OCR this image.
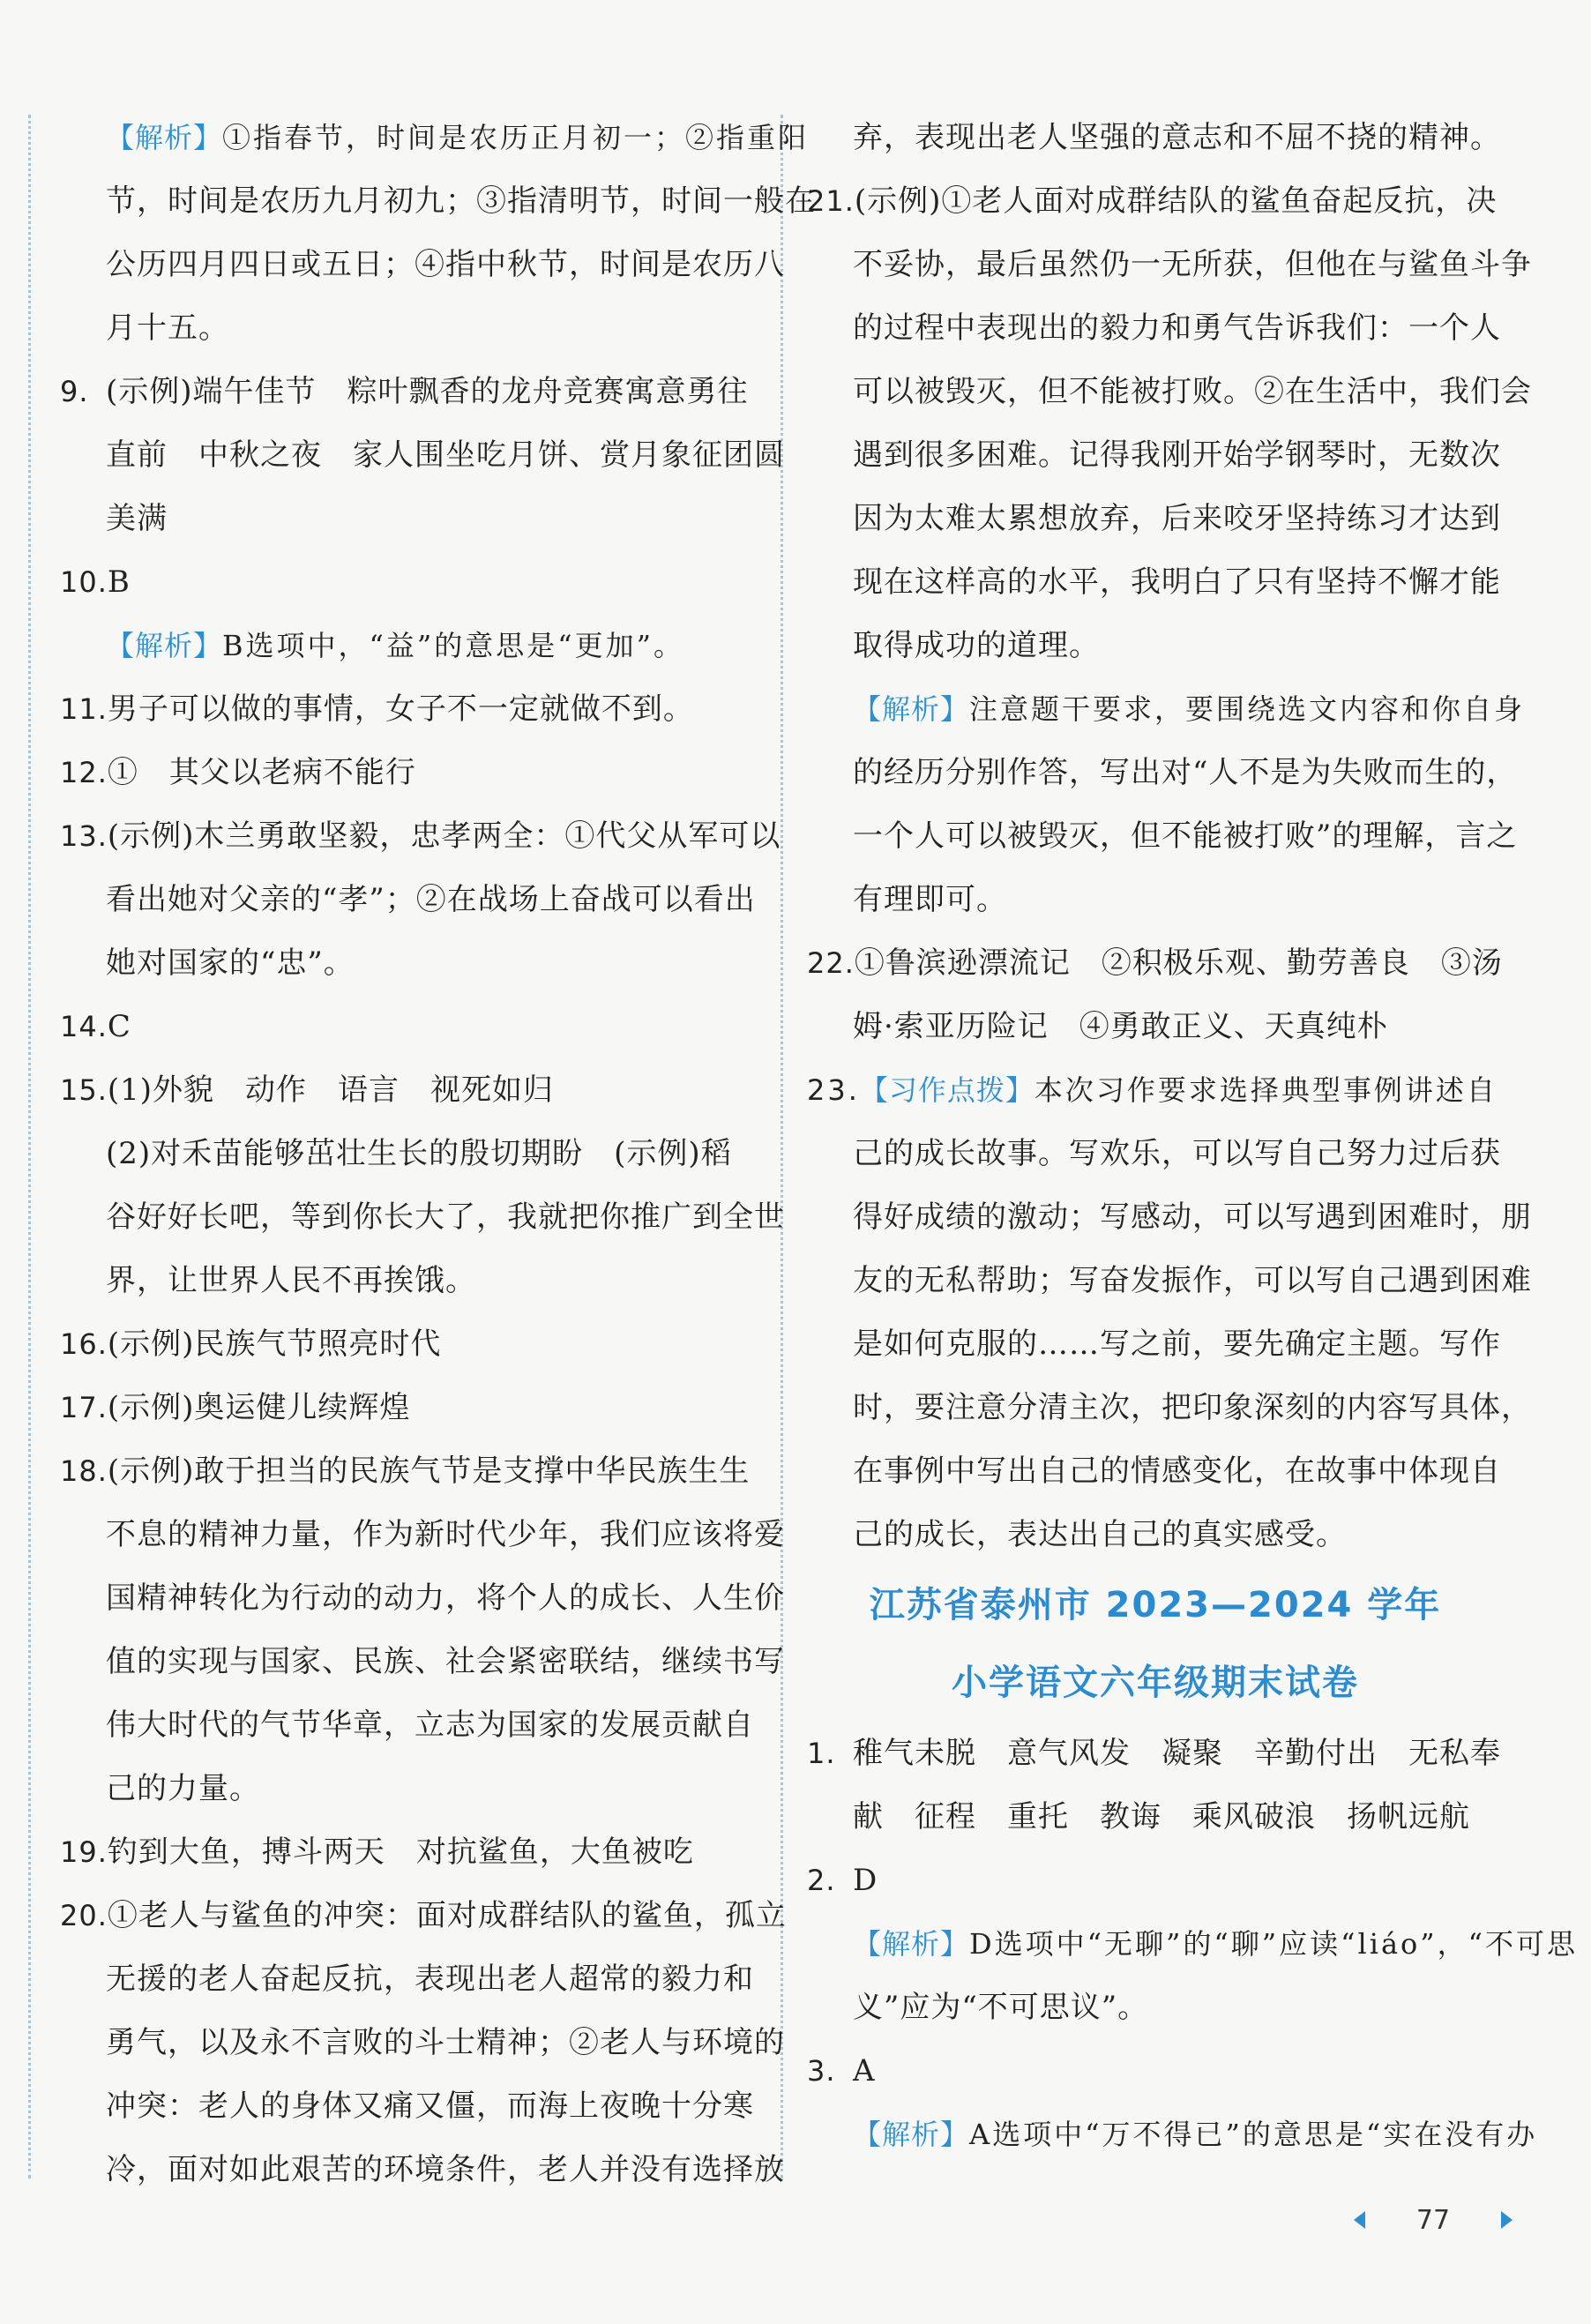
【解析】①指春节，时间是农历正月初一；②指重阳
节，时间是农历九月初九；③指清明节，时间一般在
公历四月四日或五日；④指中秋节，时间是农历八
月十五。
9. (示例)端午佳节　粽叶飘香的龙舟竞赛寓意勇往
直前　中秋之夜　家人围坐吃月饼、赏月象征团圆
美满
10.B
【解析】B选项中，“益”的意思是“更加”。
11.男子可以做的事情，女子不一定就做不到。
12.①　其父以老病不能行
13.(示例)木兰勇敢坚毅，忠孝两全：①代父从军可以
看出她对父亲的“孝”；②在战场上奋战可以看出
她对国家的“忠”。
14.C
15.(1)外貌　动作　语言　视死如归
(2)对禾苗能够茁壮生长的殷切期盼　(示例)稻
谷好好长吧，等到你长大了，我就把你推广到全世
界，让世界人民不再挨饿。
16.(示例)民族气节照亮时代
17.(示例)奥运健儿续辉煌
18.(示例)敢于担当的民族气节是支撑中华民族生生
不息的精神力量，作为新时代少年，我们应该将爱
国精神转化为行动的动力，将个人的成长、人生价
值的实现与国家、民族、社会紧密联结，继续书写
伟大时代的气节华章，立志为国家的发展贡献自
己的力量。
19.钓到大鱼，搏斗两天　对抗鲨鱼，大鱼被吃
20.①老人与鲨鱼的冲突：面对成群结队的鲨鱼，孤立
无援的老人奋起反抗，表现出老人超常的毅力和
勇气，以及永不言败的斗士精神；②老人与环境的
冲突：老人的身体又痛又僵，而海上夜晚十分寒
冷，面对如此艰苦的环境条件，老人并没有选择放
弃，表现出老人坚强的意志和不屈不挠的精神。
21.(示例)①老人面对成群结队的鲨鱼奋起反抗，决
不妥协，最后虽然仍一无所获，但他在与鲨鱼斗争
的过程中表现出的毅力和勇气告诉我们：一个人
可以被毁灭，但不能被打败。②在生活中，我们会
遇到很多困难。记得我刚开始学钢琴时，无数次
因为太难太累想放弃，后来咬牙坚持练习才达到
现在这样高的水平，我明白了只有坚持不懈才能
取得成功的道理。
【解析】注意题干要求，要围绕选文内容和你自身
的经历分别作答，写出对“人不是为失败而生的，
一个人可以被毁灭，但不能被打败”的理解，言之
有理即可。
22.①鲁滨逊漂流记　②积极乐观、勤劳善良　③汤
姆·索亚历险记　④勇敢正义、天真纯朴
23.【习作点拨】本次习作要求选择典型事例讲述自
己的成长故事。写欢乐，可以写自己努力过后获
得好成绩的激动；写感动，可以写遇到困难时，朋
友的无私帮助；写奋发振作，可以写自己遇到困难
是如何克服的……写之前，要先确定主题。写作
时，要注意分清主次，把印象深刻的内容写具体，
在事例中写出自己的情感变化，在故事中体现自
己的成长，表达出自己的真实感受。
江苏省泰州市 2023—2024 学年
小学语文六年级期末试卷
1. 稚气未脱　意气风发　凝聚　辛勤付出　无私奉
献　征程　重托　教诲　乘风破浪　扬帆远航
2. D
【解析】D选项中“无聊”的“聊”应读“liáo”，“不可思
义”应为“不可思议”。
3. A
【解析】A选项中“万不得已”的意思是“实在没有办
77
